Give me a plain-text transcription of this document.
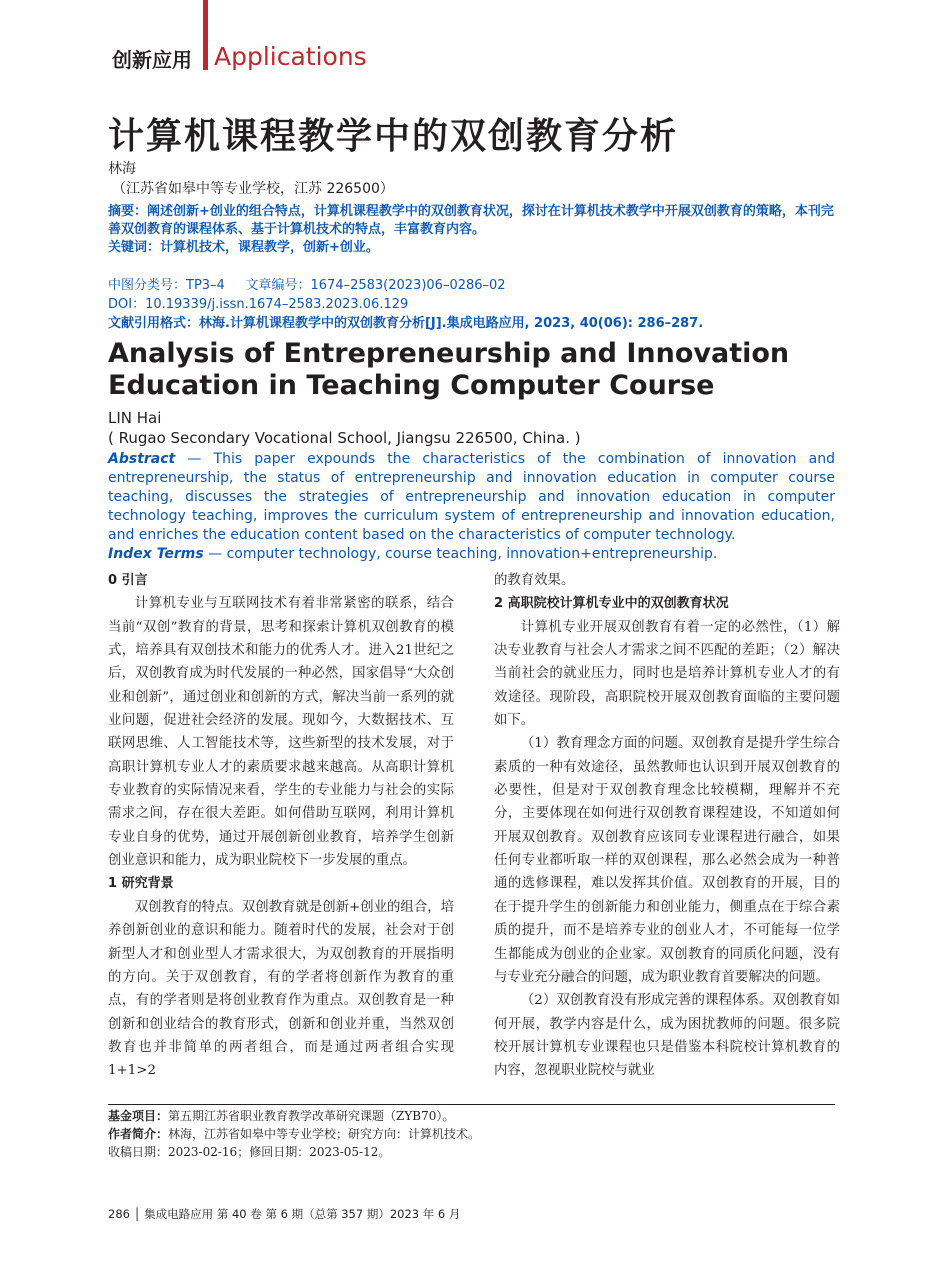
创新应用 Applications
计算机课程教学中的双创教育分析
林海
（江苏省如皋中等专业学校，江苏 226500）
摘要：阐述创新+创业的组合特点，计算机课程教学中的双创教育状况，探讨在计算机技术教学中开展双创教育的策略，本刊完善双创教育的课程体系、基于计算机技术的特点，丰富教育内容。
关键词：计算机技术，课程教学，创新+创业。
中图分类号：TP3–4 文章编号：1674–2583(2023)06–0286–02
DOI：10.19339/j.issn.1674–2583.2023.06.129
文献引用格式：林海.计算机课程教学中的双创教育分析[J].集成电路应用, 2023, 40(06): 286–287.
Analysis of Entrepreneurship and Innovation Education in Teaching Computer Course
LIN Hai
( Rugao Secondary Vocational School, Jiangsu 226500, China. )
Abstract — This paper expounds the characteristics of the combination of innovation and entrepreneurship, the status of entrepreneurship and innovation education in computer course teaching, discusses the strategies of entrepreneurship and innovation education in computer technology teaching, improves the curriculum system of entrepreneurship and innovation education, and enriches the education content based on the characteristics of computer technology.
Index Terms — computer technology, course teaching, innovation+entrepreneurship.
0 引言

计算机专业与互联网技术有着非常紧密的联系，结合当前“双创”教育的背景，思考和探索计算机双创教育的模式，培养具有双创技术和能力的优秀人才。进入21世纪之后，双创教育成为时代发展的一种必然，国家倡导“大众创业和创新”，通过创业和创新的方式，解决当前一系列的就业问题，促进社会经济的发展。现如今，大数据技术、互联网思维、人工智能技术等，这些新型的技术发展，对于高职计算机专业人才的素质要求越来越高。从高职计算机专业教育的实际情况来看，学生的专业能力与社会的实际需求之间，存在很大差距。如何借助互联网，利用计算机专业自身的优势，通过开展创新创业教育，培养学生创新创业意识和能力，成为职业院校下一步发展的重点。

1 研究背景

双创教育的特点。双创教育就是创新+创业的组合，培养创新创业的意识和能力。随着时代的发展，社会对于创新型人才和创业型人才需求很大，为双创教育的开展指明的方向。关于双创教育，有的学者将创新作为教育的重点，有的学者则是将创业教育作为重点。双创教育是一种创新和创业结合的教育形式，创新和创业并重，当然双创教育也并非简单的两者组合，而是通过两者组合实现1+1>2

的教育效果。

2 高职院校计算机专业中的双创教育状况

计算机专业开展双创教育有着一定的必然性，（1）解决专业教育与社会人才需求之间不匹配的差距；（2）解决当前社会的就业压力，同时也是培养计算机专业人才的有效途径。现阶段，高职院校开展双创教育面临的主要问题如下。

（1）教育理念方面的问题。双创教育是提升学生综合素质的一种有效途径，虽然教师也认识到开展双创教育的必要性，但是对于双创教育理念比较模糊，理解并不充分，主要体现在如何进行双创教育课程建设，不知道如何开展双创教育。双创教育应该同专业课程进行融合，如果任何专业都听取一样的双创课程，那么必然会成为一种普通的选修课程，难以发挥其价值。双创教育的开展，目的在于提升学生的创新能力和创业能力，侧重点在于综合素质的提升，而不是培养专业的创业人才，不可能每一位学生都能成为创业的企业家。双创教育的同质化问题，没有与专业充分融合的问题，成为职业教育首要解决的问题。

（2）双创教育没有形成完善的课程体系。双创教育如何开展，教学内容是什么，成为困扰教师的问题。很多院校开展计算机专业课程也只是借鉴本科院校计算机教育的内容，忽视职业院校与就业

基金项目：第五期江苏省职业教育教学改革研究课题（ZYB70）。
作者简介：林海，江苏省如皋中等专业学校；研究方向：计算机技术。
收稿日期：2023-02-16；修回日期：2023-05-12。
286 │ 集成电路应用 第 40 卷 第 6 期（总第 357 期）2023 年 6 月
